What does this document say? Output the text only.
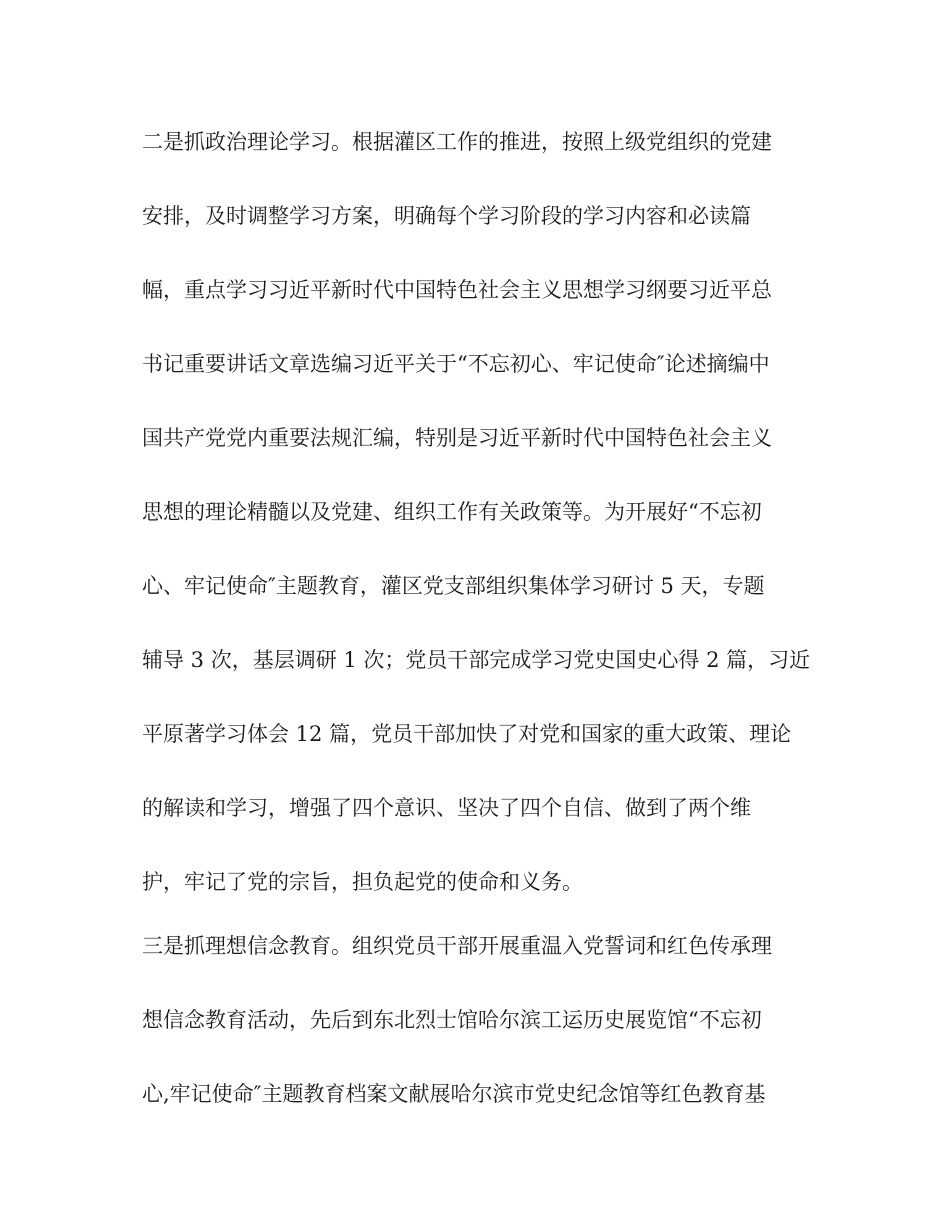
二是抓政治理论学习。根据灌区工作的推进，按照上级党组织的党建
安排，及时调整学习方案，明确每个学习阶段的学习内容和必读篇
幅，重点学习习近平新时代中国特色社会主义思想学习纲要习近平总
书记重要讲话文章选编习近平关于“不忘初心、牢记使命″论述摘编中
国共产党党内重要法规汇编，特别是习近平新时代中国特色社会主义
思想的理论精髓以及党建、组织工作有关政策等。为开展好“不忘初
心、牢记使命″主题教育，灌区党支部组织集体学习研讨 5 天，专题
辅导 3 次，基层调研 1 次；党员干部完成学习党史国史心得 2 篇，习近
平原著学习体会 12 篇，党员干部加快了对党和国家的重大政策、理论
的解读和学习，增强了四个意识、坚决了四个自信、做到了两个维
护，牢记了党的宗旨，担负起党的使命和义务。
三是抓理想信念教育。组织党员干部开展重温入党誓词和红色传承理
想信念教育活动，先后到东北烈士馆哈尔滨工运历史展览馆“不忘初
心,牢记使命″主题教育档案文献展哈尔滨市党史纪念馆等红色教育基
